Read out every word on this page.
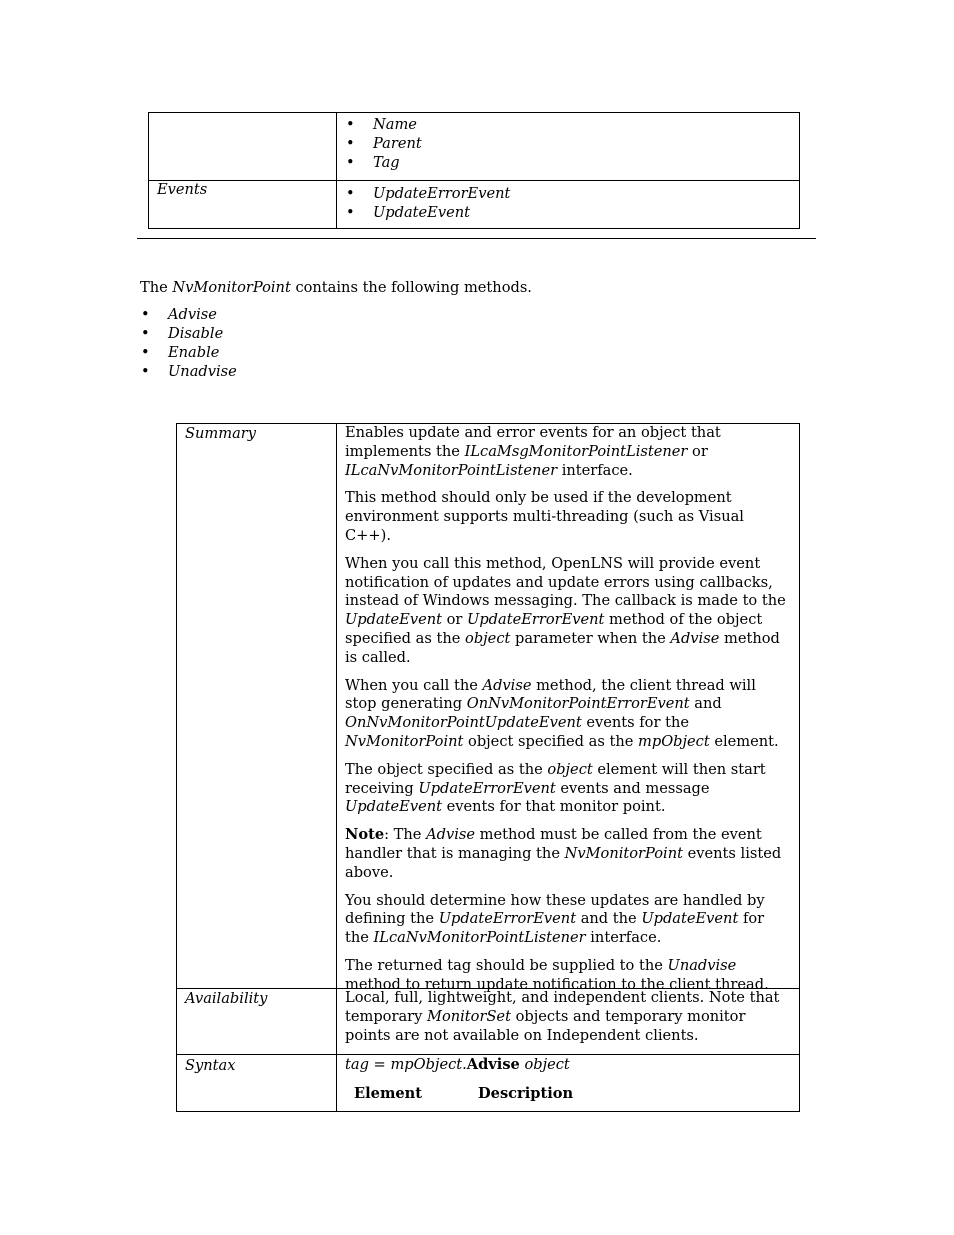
• Name
• Parent
• Tag
Events
•	UpdateErrorEvent
• UpdateEvent
The NvMonitorPoint contains the following methods.
• Advise
• Disable
• Enable
• Unadvise
Summary	Enables update and error events for an object that implements the ILcaMsgMonitorPointListener or ILcaNvMonitorPointListener interface.

This method should only be used if the development environment supports multi-threading (such as Visual C++).

When you call this method, OpenLNS will provide event notification of updates and update errors using callbacks, instead of Windows messaging. The callback is made to the UpdateEvent or UpdateErrorEvent method of the object specified as the object parameter when the Advise method is called.

When you call the Advise method, the client thread will stop generating OnNvMonitorPointErrorEvent and OnNvMonitorPointUpdateEvent events for the NvMonitorPoint object specified as the mpObject element.

The object specified as the object element will then start receiving UpdateErrorEvent events and message UpdateEvent events for that monitor point.

Note: The Advise method must be called from the event handler that is managing the NvMonitorPoint events listed above.

You should determine how these updates are handled by defining the UpdateErrorEvent and the UpdateEvent for the ILcaNvMonitorPointListener interface.

The returned tag should be supplied to the Unadvise method to return update notification to the client thread.

Availability	Local, full, lightweight, and independent clients. Note that temporary MonitorSet objects and temporary monitor points are not available on Independent clients.
Syntax	tag = mpObject.Advise object
Element	Description
